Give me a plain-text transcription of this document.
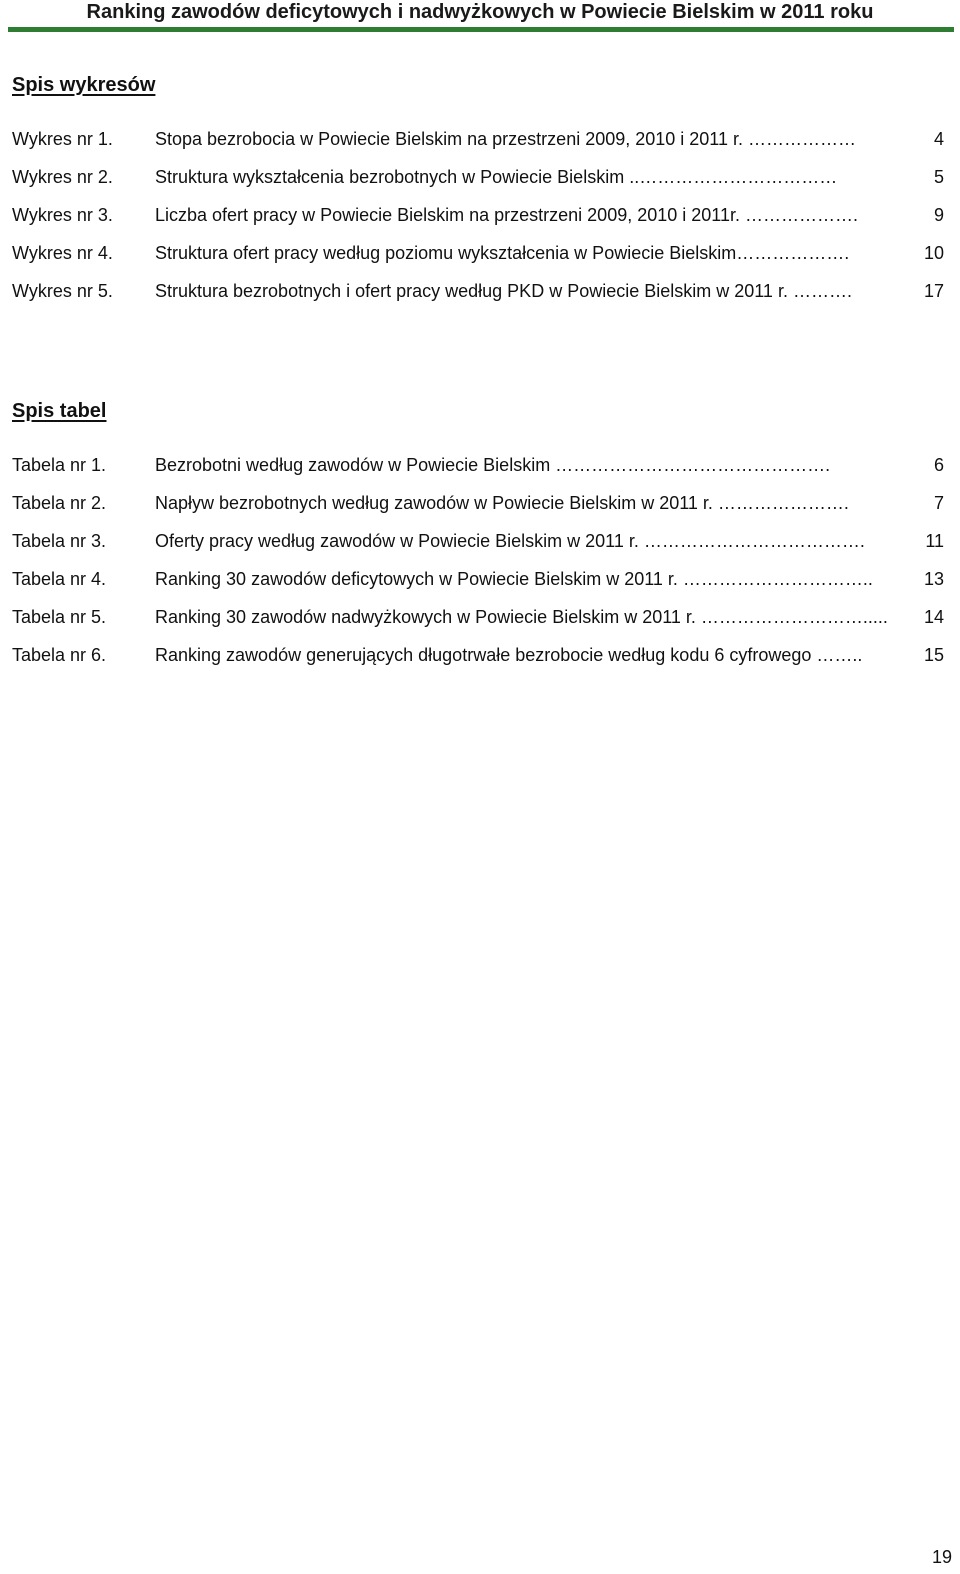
Ranking zawodów deficytowych i nadwyżkowych w Powiecie Bielskim w 2011 roku
Spis wykresów
Wykres nr 1. Stopa bezrobocia w Powiecie Bielskim na przestrzeni 2009, 2010 i 2011 r. ………………	4
Wykres nr 2. Struktura wykształcenia bezrobotnych w Powiecie Bielskim ..……………………………	5
Wykres nr 3. Liczba ofert pracy w Powiecie Bielskim na przestrzeni 2009, 2010 i 2011r. ……………….	9
Wykres nr 4. Struktura ofert pracy według poziomu wykształcenia w Powiecie Bielskim……………….	10
Wykres nr 5. Struktura bezrobotnych i ofert pracy według PKD w Powiecie Bielskim w 2011 r. ……….	17
Spis tabel
Tabela nr 1.	Bezrobotni według zawodów w Powiecie Bielskim ……………………………………….	6
Tabela nr 2.	Napływ bezrobotnych według zawodów w Powiecie Bielskim w 2011 r. ………………….	7
Tabela nr 3.	Oferty pracy według zawodów w Powiecie Bielskim w 2011 r. ……………………………….	11
Tabela nr 4.	Ranking 30 zawodów deficytowych w Powiecie Bielskim w 2011 r. …………………………..	13
Tabela nr 5.	Ranking 30 zawodów nadwyżkowych w Powiecie Bielskim w 2011 r. ………………………..... 14
Tabela nr 6.	Ranking zawodów generujących długotrwałe bezrobocie według kodu 6 cyfrowego ……..	15
19
